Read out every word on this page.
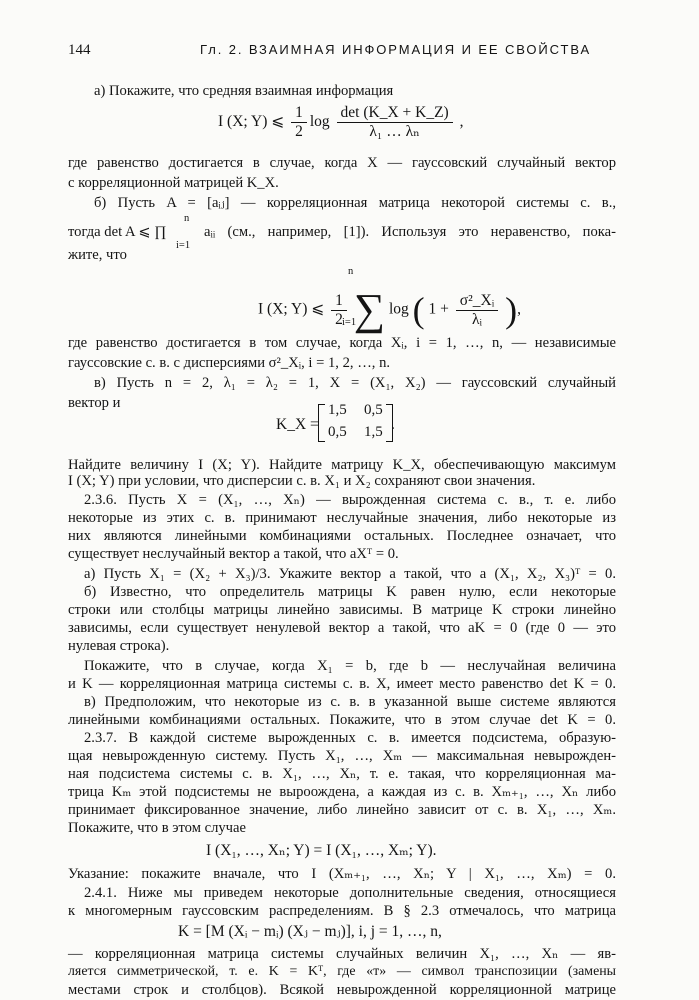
144	Гл. 2. ВЗАИМНАЯ ИНФОРМАЦИЯ И ЕЕ СВОЙСТВА
а) Покажите, что средняя взаимная информация
I (X; Y) ⩽ $\frac{1}{2}$ $\log \frac{\det (K\_X + K\_Z)}{\text{λ₁ … λₙ}}$ ,
где равенство достигается в случае, когда X — гауссовский случайный вектор
с корреляционной матрицей K_X.
б) Пусть A = [aᵢⱼ] — корреляционная матрица некоторой системы с. в.,
n
тогда det A ⩽ ∏	aᵢᵢ (см., например, [1]). Используя это неравенство, пока-
i=1
жите, что
I (X; Y) ⩽ $\frac{1}{2}$ ∑ log ( $1 + \frac{\text{σ²\_Xᵢ}}{\text{λᵢ}}$ ),
n
i=1
где равенство достигается в том случае, когда Xᵢ, i = 1, …, n, — независимые
гауссовские с. в. с дисперсиями σ²_Xᵢ, i = 1, 2, …, n.
в) Пусть n = 2, λ₁ = λ₂ = 1, X = (X₁, X₂) — гауссовский случайный
вектор и
K_X =
1,5 0,5
0,5 1,5 .
Найдите величину I (X; Y). Найдите матрицу K_X, обеспечивающую максимум
I (X; Y) при условии, что дисперсии с. в. X₁ и X₂ сохраняют свои значения.
2.3.6. Пусть X = (X₁, …, Xₙ) — вырожденная система с. в., т. е. либо
некоторые из этих с. в. принимают неслучайные значения, либо некоторые из
них являются линейными комбинациями остальных. Последнее означает, что
существует неслучайный вектор a такой, что aXᵀ = 0.
а) Пусть X₁ = (X₂ + X₃)/3. Укажите вектор a такой, что a (X₁, X₂, X₃)ᵀ = 0.
б) Известно, что определитель матрицы K равен нулю, если некоторые
строки или столбцы матрицы линейно зависимы. В матрице K строки линейно
зависимы, если существует ненулевой вектор a такой, что aK = 0 (где 0 — это
нулевая строка).
Покажите, что в случае, когда X₁ = b, где b — неслучайная величина
и K — корреляционная матрица системы с. в. X, имеет место равенство det K = 0.
в) Предположим, что некоторые из с. в. в указанной выше системе являются
линейными комбинациями остальных. Покажите, что в этом случае det K = 0.
2.3.7. В каждой системе вырожденных с. в. имеется подсистема, образую-
щая невырожденную систему. Пусть X₁, …, Xₘ — максимальная невырожден-
ная подсистема системы с. в. X₁, …, Xₙ, т. е. такая, что корреляционная ма-
трица Kₘ этой подсистемы не выроождена, а каждая из с. в. Xₘ₊₁, …, Xₙ либо
принимает фиксированное значение, либо линейно зависит от с. в. X₁, …, Xₘ.
Покажите, что в этом случае
I (X₁, …, Xₙ; Y) = I (X₁, …, Xₘ; Y).
Указание: покажите вначале, что I (Xₘ₊₁, …, Xₙ; Y | X₁, …, Xₘ) = 0.
2.4.1. Ниже мы приведем некоторые дополнительные сведения, относящиеся
к многомерным гауссовским распределениям. В § 2.3 отмечалось, что матрица
K = [M (Xᵢ − mᵢ) (Xⱼ − mⱼ)], i, j = 1, …, n,
— корреляционная матрица системы случайных величин X₁, …, Xₙ — яв-
ляется симметрической, т. е. K = Kᵀ, где «т» — символ транспозиции (замены
местами строк и столбцов). Всякой невырожденной корреляционной матрице
